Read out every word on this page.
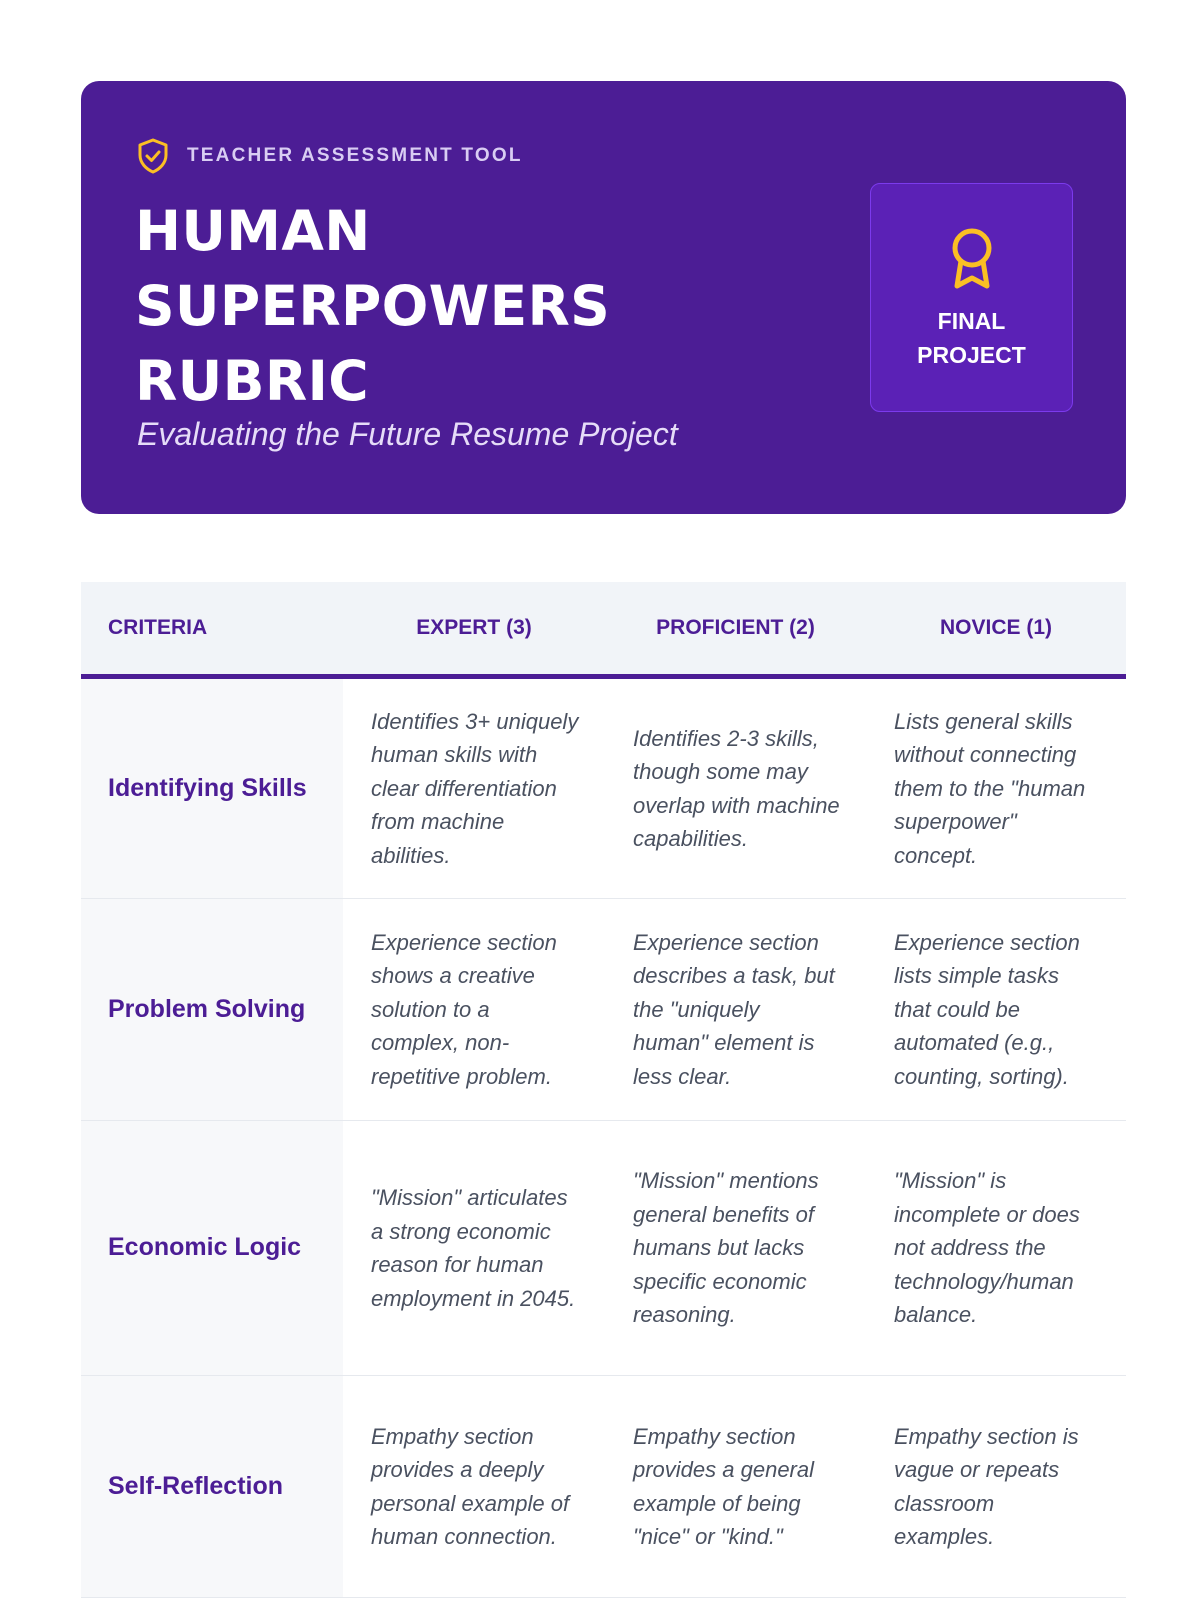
TEACHER ASSESSMENT TOOL
HUMAN SUPERPOWERS RUBRIC
Evaluating the Future Resume Project
FINAL
PROJECT
CRITERIA	EXPERT (3)	PROFICIENT (2)	NOVICE (1)
Identifying Skills	Identifies 3+ uniquely human skills with clear differentiation from machine abilities.	Identifies 2-3 skills, though some may overlap with machine capabilities.	Lists general skills without connecting them to the "human superpower" concept.
Problem Solving	Experience section shows a creative solution to a complex, non-repetitive problem.	Experience section describes a task, but the "uniquely human" element is less clear.	Experience section lists simple tasks that could be automated (e.g., counting, sorting).
Economic Logic	"Mission" articulates a strong economic reason for human employment in 2045.	"Mission" mentions general benefits of humans but lacks specific economic reasoning.	"Mission" is incomplete or does not address the technology/human balance.
Self-Reflection	Empathy section provides a deeply personal example of human connection.	Empathy section provides a general example of being "nice" or "kind."	Empathy section is vague or repeats classroom examples.
